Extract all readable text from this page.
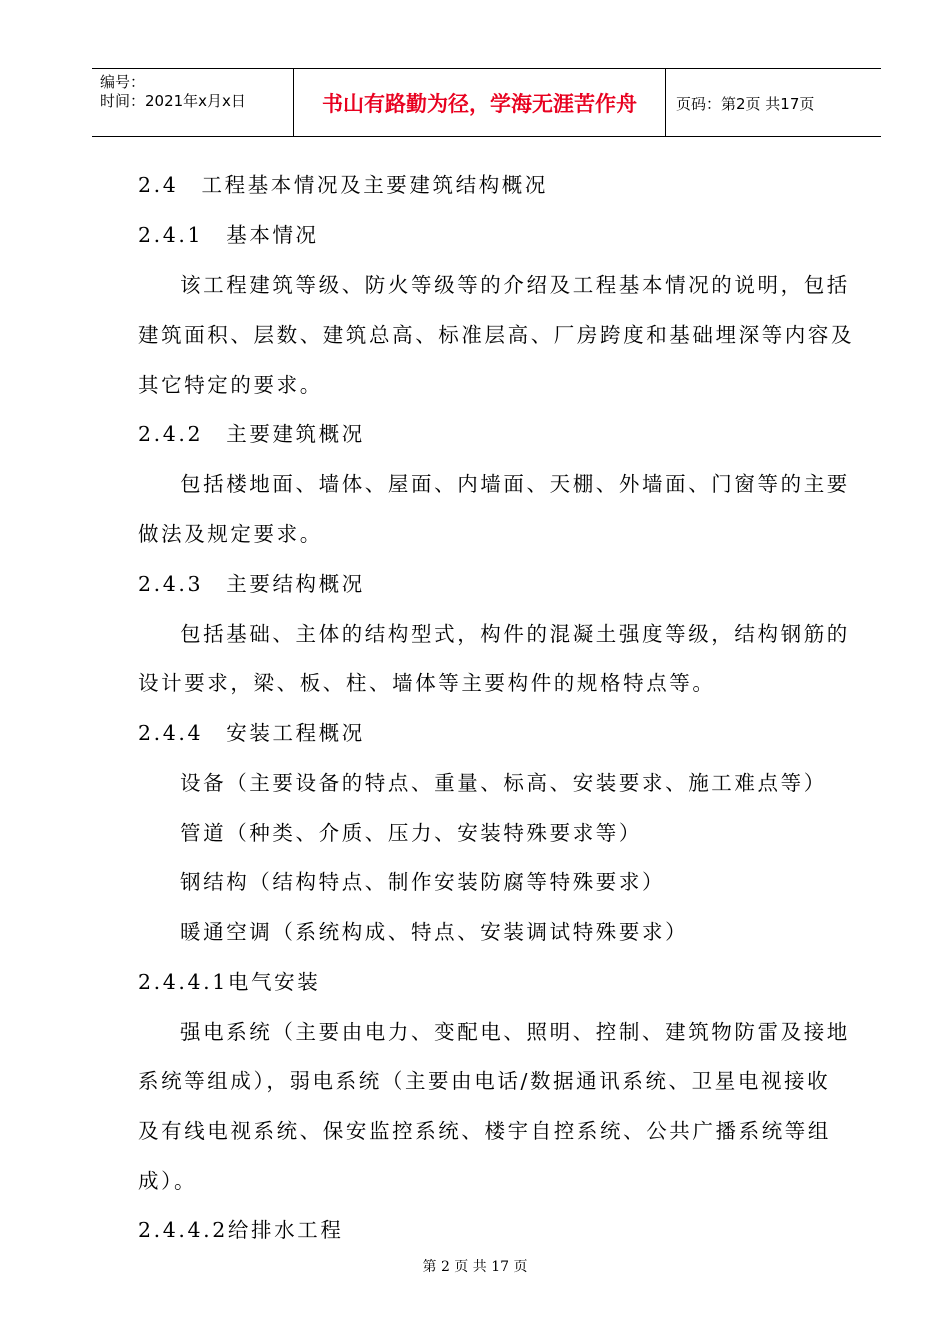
编号：
时间：2021年x月x日	书山有路勤为径，学海无涯苦作舟	页码：第2页 共17页
2.4　工程基本情况及主要建筑结构概况
2.4.1　基本情况
该工程建筑等级、防火等级等的介绍及工程基本情况的说明，包括
建筑面积、层数、建筑总高、标准层高、厂房跨度和基础埋深等内容及
其它特定的要求。
2.4.2　主要建筑概况
包括楼地面、墙体、屋面、内墙面、天棚、外墙面、门窗等的主要
做法及规定要求。
2.4.3　主要结构概况
包括基础、主体的结构型式，构件的混凝土强度等级，结构钢筋的
设计要求，梁、板、柱、墙体等主要构件的规格特点等。
2.4.4　安装工程概况
设备（主要设备的特点、重量、标高、安装要求、施工难点等）
管道（种类、介质、压力、安装特殊要求等）
钢结构（结构特点、制作安装防腐等特殊要求）
暖通空调（系统构成、特点、安装调试特殊要求）
2.4.4.1电气安装
强电系统（主要由电力、变配电、照明、控制、建筑物防雷及接地
系统等组成），弱电系统（主要由电话/数据通讯系统、卫星电视接收
及有线电视系统、保安监控系统、楼宇自控系统、公共广播系统等组
成）。
2.4.4.2给排水工程
第 2 页 共 17 页
